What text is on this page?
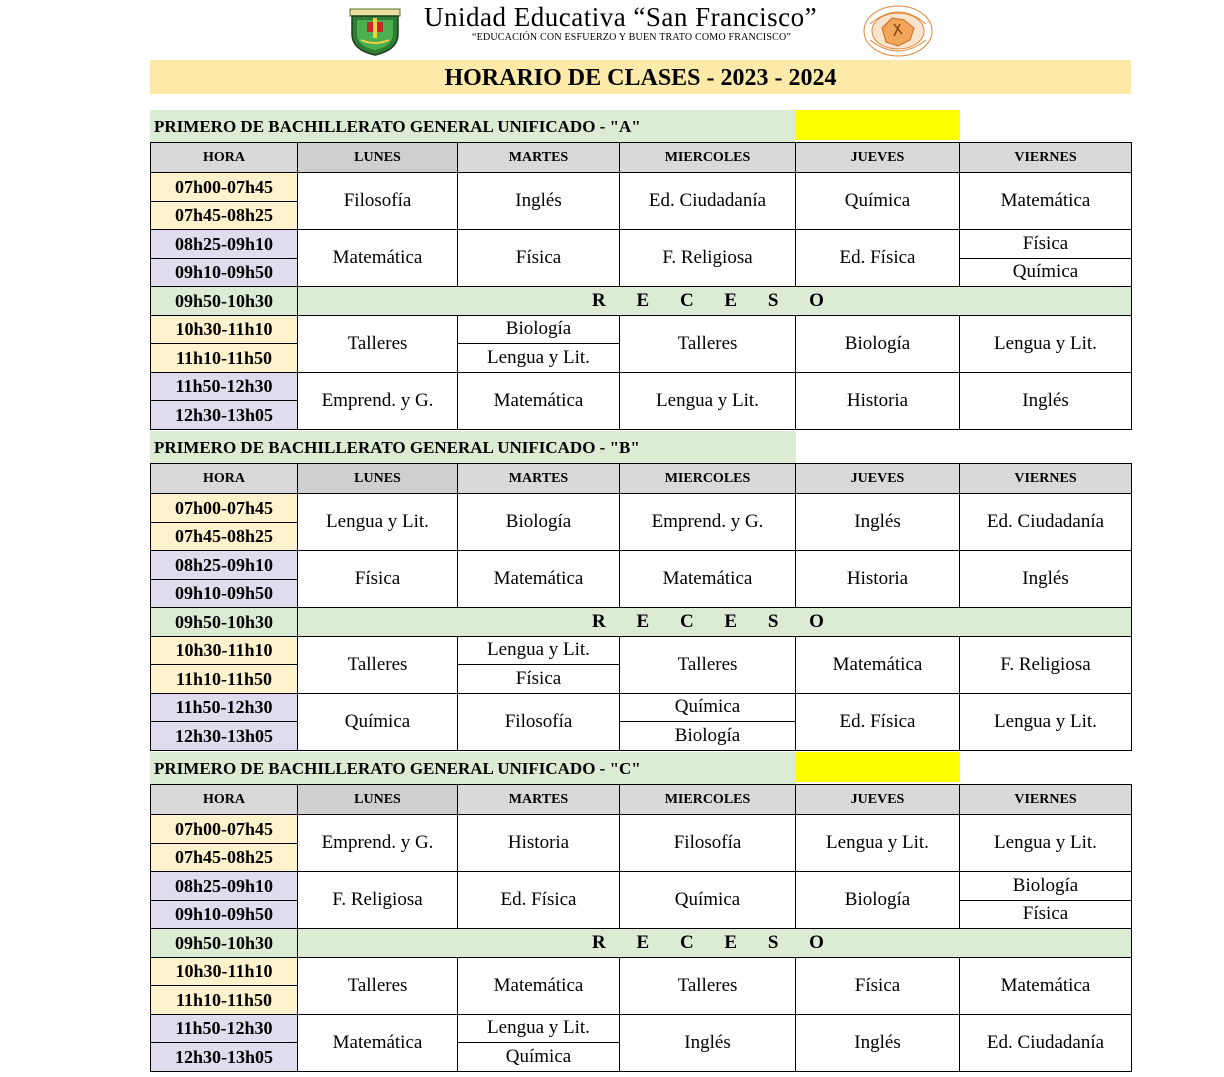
Unidad Educativa “San Francisco”
“EDUCACIÓN CON ESFUERZO Y BUEN TRATO COMO FRANCISCO”
HORARIO DE CLASES - 2023 - 2024
PRIMERO DE BACHILLERATO GENERAL UNIFICADO - "A"
HORA	LUNES	MARTES	MIERCOLES	JUEVES	VIERNES
07h00-07h45	Filosofía	Inglés	Ed. Ciudadanía	Química	Matemática
07h45-08h25					
08h25-09h10	Matemática	Física	F. Religiosa	Ed. Física	Física
09h10-09h50					Química
09h50-10h30	R E C E S O				
10h30-11h10	Talleres	Biología	Talleres	Biología	Lengua y Lit.
11h10-11h50		Lengua y Lit.			
11h50-12h30	Emprend. y G.	Matemática	Lengua y Lit.	Historia	Inglés
12h30-13h05					
PRIMERO DE BACHILLERATO GENERAL UNIFICADO - "B"
HORA	LUNES	MARTES	MIERCOLES	JUEVES	VIERNES
07h00-07h45	Lengua y Lit.	Biología	Emprend. y G.	Inglés	Ed. Ciudadanía
07h45-08h25					
08h25-09h10	Física	Matemática	Matemática	Historia	Inglés
09h10-09h50					
09h50-10h30	R E C E S O				
10h30-11h10	Talleres	Lengua y Lit.	Talleres	Matemática	F. Religiosa
11h10-11h50		Física			
11h50-12h30	Química	Filosofía	Química	Ed. Física	Lengua y Lit.
12h30-13h05			Biología		
PRIMERO DE BACHILLERATO GENERAL UNIFICADO - "C"
HORA	LUNES	MARTES	MIERCOLES	JUEVES	VIERNES
07h00-07h45	Emprend. y G.	Historia	Filosofía	Lengua y Lit.	Lengua y Lit.
07h45-08h25					
08h25-09h10	F. Religiosa	Ed. Física	Química	Biología	Biología
09h10-09h50					Física
09h50-10h30	R E C E S O				
10h30-11h10	Talleres	Matemática	Talleres	Física	Matemática
11h10-11h50					
11h50-12h30	Matemática	Lengua y Lit.	Inglés	Inglés	Ed. Ciudadanía
12h30-13h05		Química			
